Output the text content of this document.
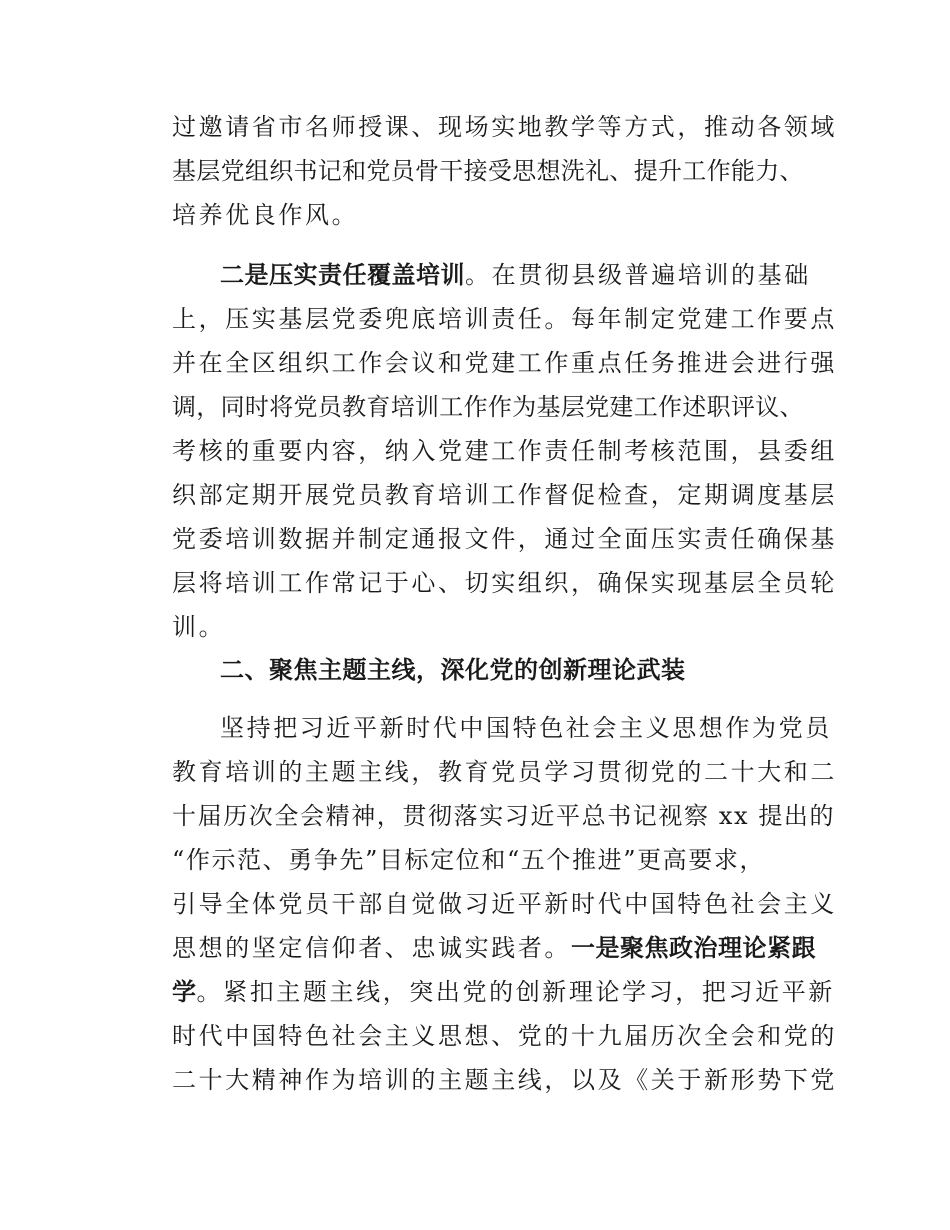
过邀请省市名师授课、现场实地教学等方式，推动各领域
基层党组织书记和党员骨干接受思想洗礼、提升工作能力、
培养优良作风。
二是压实责任覆盖培训。在贯彻县级普遍培训的基础
上，压实基层党委兜底培训责任。每年制定党建工作要点
并在全区组织工作会议和党建工作重点任务推进会进行强
调，同时将党员教育培训工作作为基层党建工作述职评议、
考核的重要内容，纳入党建工作责任制考核范围，县委组
织部定期开展党员教育培训工作督促检查，定期调度基层
党委培训数据并制定通报文件，通过全面压实责任确保基
层将培训工作常记于心、切实组织，确保实现基层全员轮
训。
二、聚焦主题主线，深化党的创新理论武装
坚持把习近平新时代中国特色社会主义思想作为党员
教育培训的主题主线，教育党员学习贯彻党的二十大和二
十届历次全会精神，贯彻落实习近平总书记视察 xx 提出的
“作示范、勇争先”目标定位和“五个推进”更高要求，
引导全体党员干部自觉做习近平新时代中国特色社会主义
思想的坚定信仰者、忠诚实践者。一是聚焦政治理论紧跟
学。紧扣主题主线，突出党的创新理论学习，把习近平新
时代中国特色社会主义思想、党的十九届历次全会和党的
二十大精神作为培训的主题主线，以及《关于新形势下党
